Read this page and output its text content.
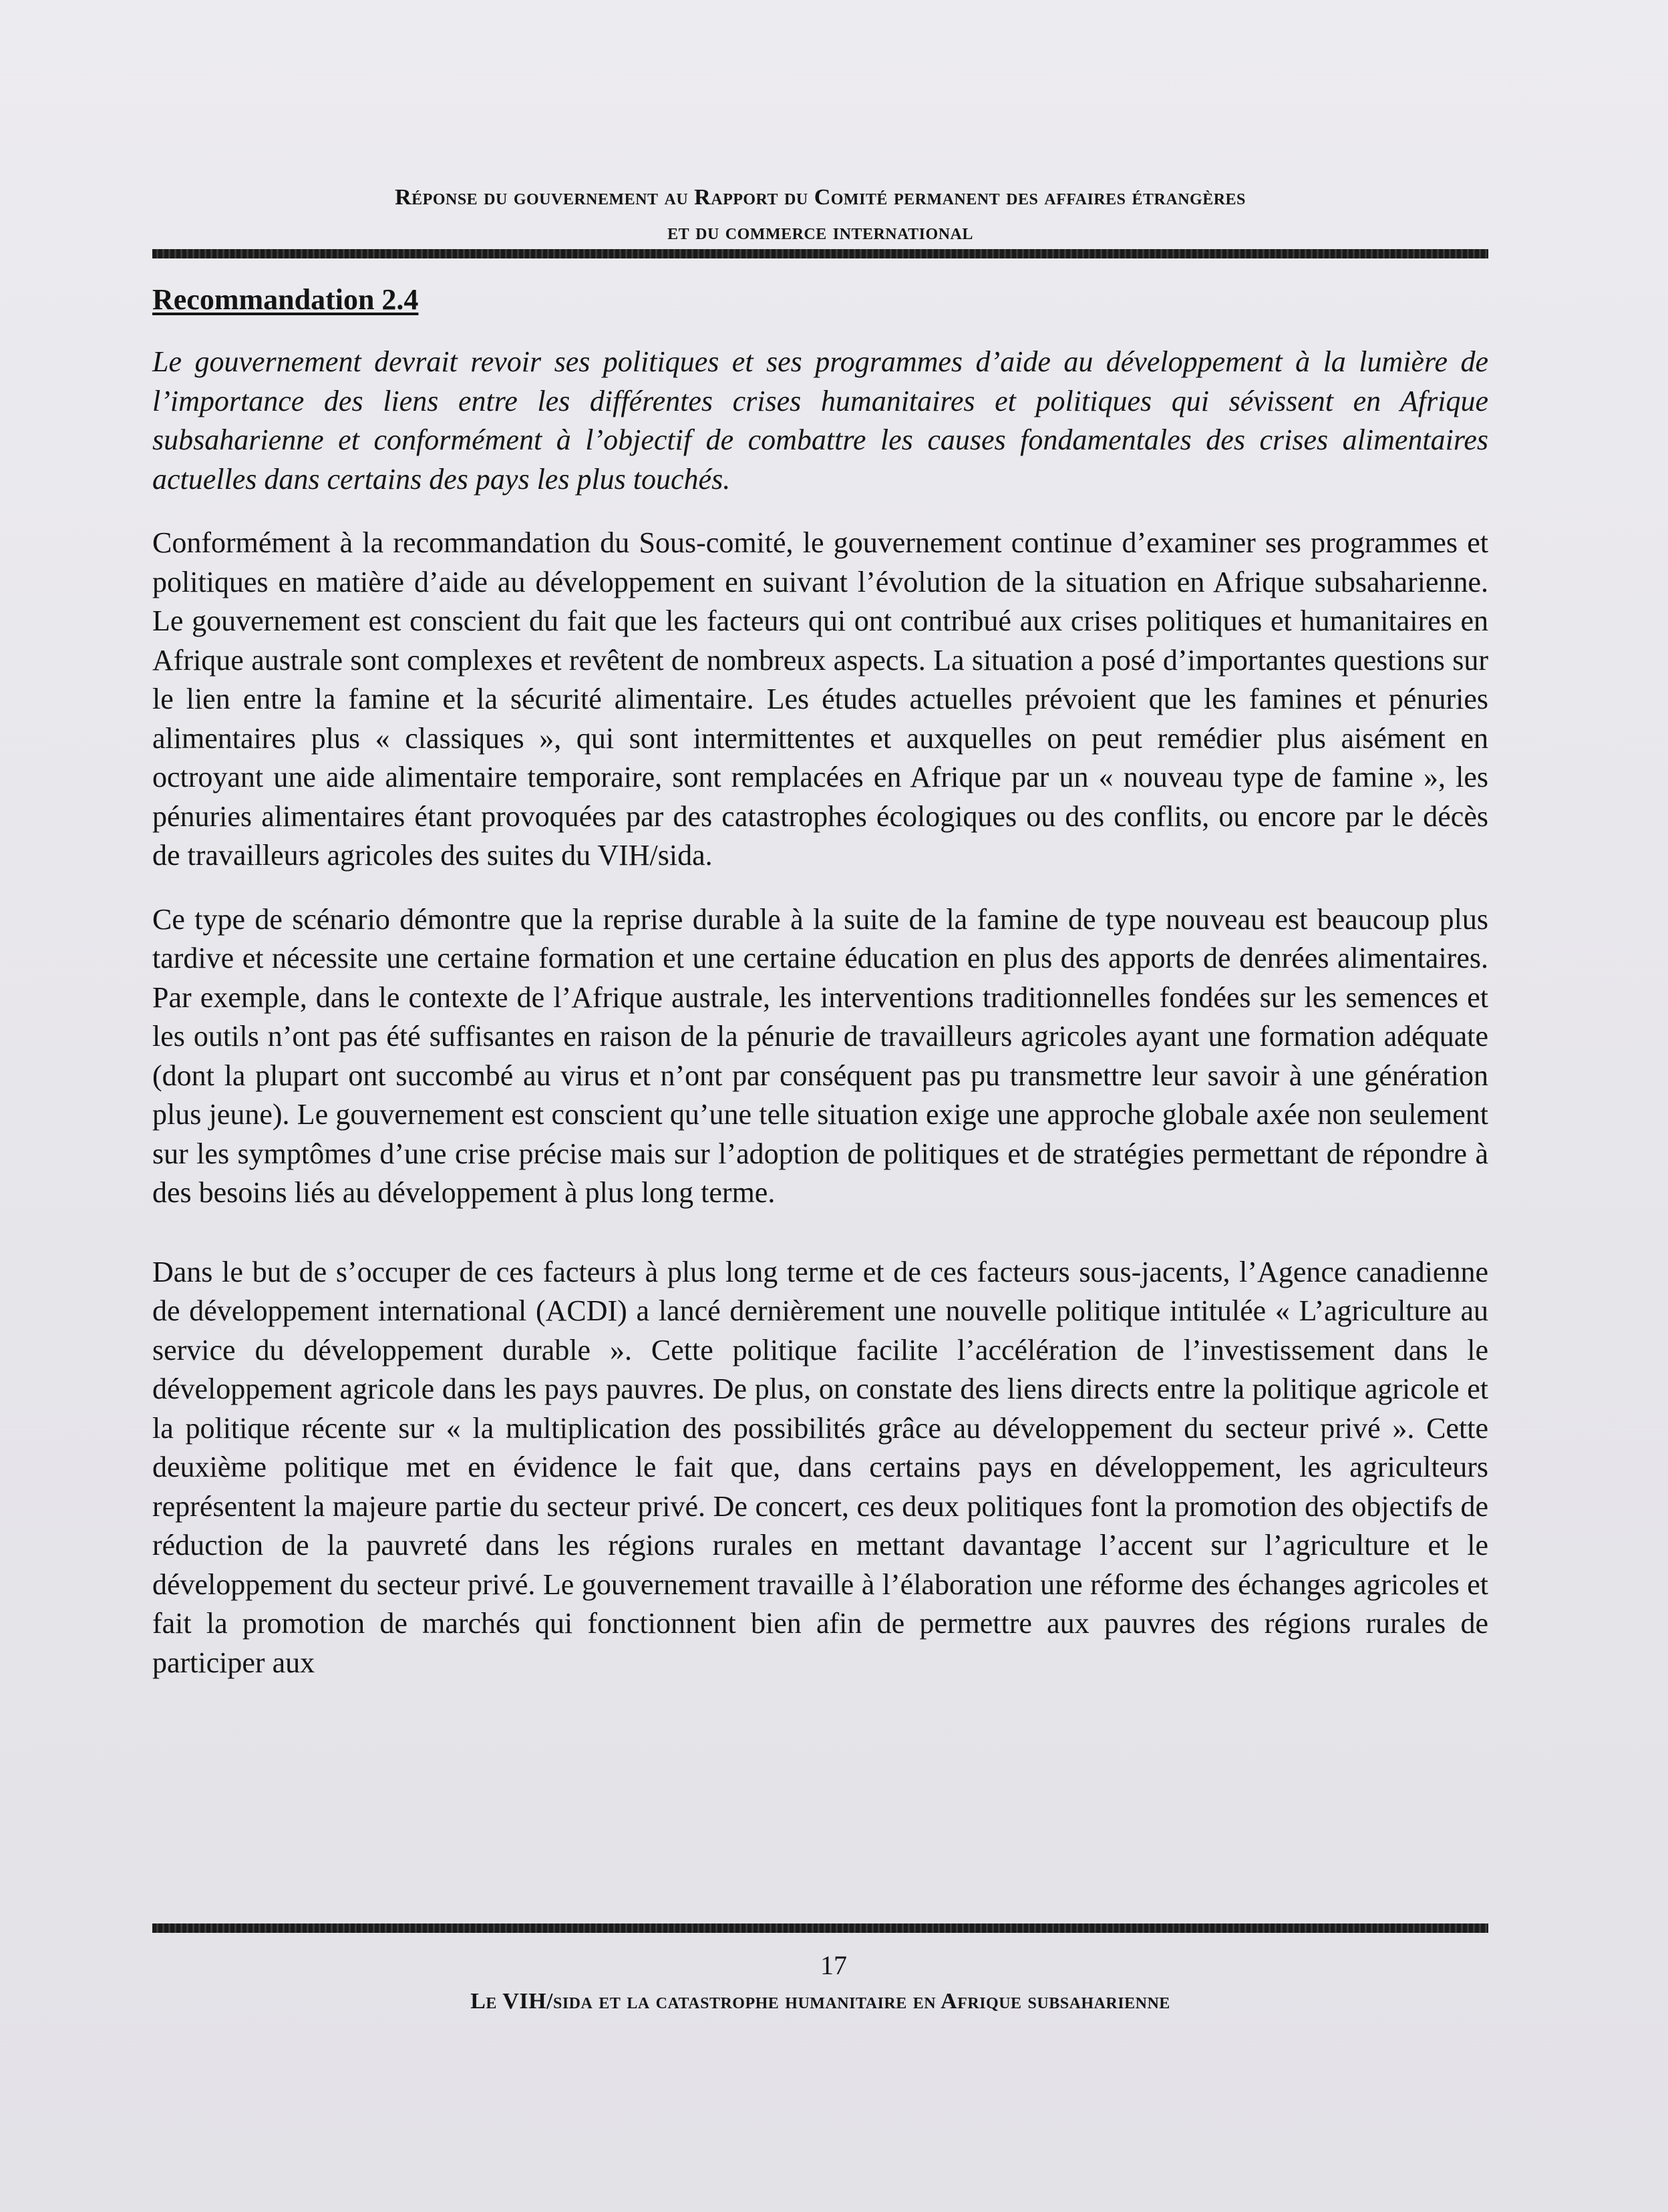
Réponse du gouvernement au Rapport du Comité permanent des affaires étrangères
et du commerce international

Recommandation 2.4

Le gouvernement devrait revoir ses politiques et ses programmes d’aide au développement à la lumière de l’importance des liens entre les différentes crises humanitaires et politiques qui sévissent en Afrique subsaharienne et conformément à l’objectif de combattre les causes fondamentales des crises alimentaires actuelles dans certains des pays les plus touchés.

Conformément à la recommandation du Sous-comité, le gouvernement continue d’examiner ses programmes et politiques en matière d’aide au développement en suivant l’évolution de la situation en Afrique subsaharienne. Le gouvernement est conscient du fait que les facteurs qui ont contribué aux crises politiques et humanitaires en Afrique australe sont complexes et revêtent de nombreux aspects. La situation a posé d’importantes questions sur le lien entre la famine et la sécurité alimentaire. Les études actuelles prévoient que les famines et pénuries alimentaires plus « classiques », qui sont intermittentes et auxquelles on peut remédier plus aisément en octroyant une aide alimentaire temporaire, sont remplacées en Afrique par un « nouveau type de famine », les pénuries alimentaires étant provoquées par des catastrophes écologiques ou des conflits, ou encore par le décès de travailleurs agricoles des suites du VIH/sida.

Ce type de scénario démontre que la reprise durable à la suite de la famine de type nouveau est beaucoup plus tardive et nécessite une certaine formation et une certaine éducation en plus des apports de denrées alimentaires. Par exemple, dans le contexte de l’Afrique australe, les interventions traditionnelles fondées sur les semences et les outils n’ont pas été suffisantes en raison de la pénurie de travailleurs agricoles ayant une formation adéquate (dont la plupart ont succombé au virus et n’ont par conséquent pas pu transmettre leur savoir à une génération plus jeune). Le gouvernement est conscient qu’une telle situation exige une approche globale axée non seulement sur les symptômes d’une crise précise mais sur l’adoption de politiques et de stratégies permettant de répondre à des besoins liés au développement à plus long terme.

Dans le but de s’occuper de ces facteurs à plus long terme et de ces facteurs sous-jacents, l’Agence canadienne de développement international (ACDI) a lancé dernièrement une nouvelle politique intitulée « L’agriculture au service du développement durable ». Cette politique facilite l’accélération de l’investissement dans le développement agricole dans les pays pauvres. De plus, on constate des liens directs entre la politique agricole et la politique récente sur « la multiplication des possibilités grâce au développement du secteur privé ». Cette deuxième politique met en évidence le fait que, dans certains pays en développement, les agriculteurs représentent la majeure partie du secteur privé. De concert, ces deux politiques font la promotion des objectifs de réduction de la pauvreté dans les régions rurales en mettant davantage l’accent sur l’agriculture et le développement du secteur privé. Le gouvernement travaille à l’élaboration une réforme des échanges agricoles et fait la promotion de marchés qui fonctionnent bien afin de permettre aux pauvres des régions rurales de participer aux

17
Le VIH/sida et la catastrophe humanitaire en Afrique subsaharienne
